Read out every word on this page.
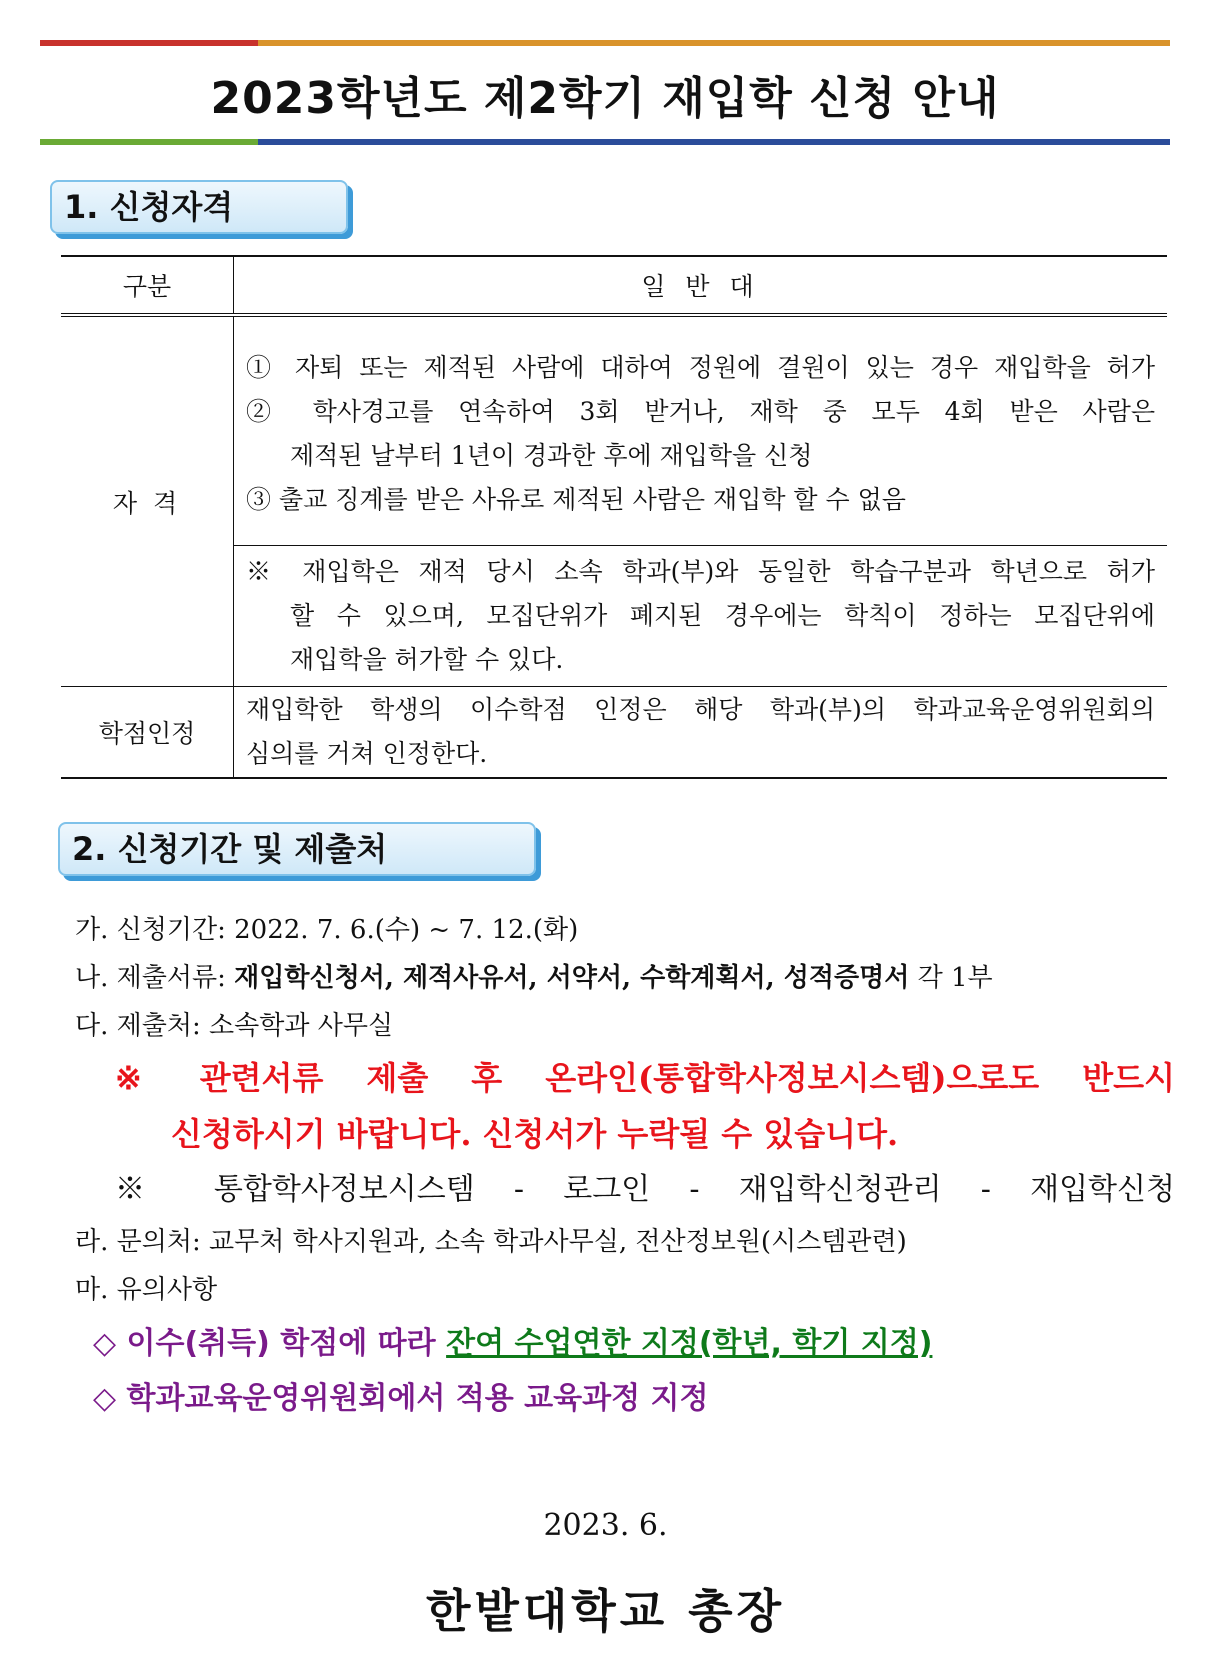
2023학년도 제2학기 재입학 신청 안내
1. 신청자격
구분	일 반 대
자 격	① 자퇴 또는 제적된 사람에 대하여 정원에 결원이 있는 경우 재입학을 허가
② 학사경고를 연속하여 3회 받거나, 재학 중 모두 4회 받은 사람은
제적된 날부터 1년이 경과한 후에 재입학을 신청
③ 출교 징계를 받은 사유로 제적된 사람은 재입학 할 수 없음

	※ 재입학은 재적 당시 소속 학과(부)와 동일한 학습구분과 학년으로 허가
할 수 있으며, 모집단위가 폐지된 경우에는 학칙이 정하는 모집단위에
재입학을 허가할 수 있다.

학점인정	재입학한 학생의 이수학점 인정은 해당 학과(부)의 학과교육운영위원회의
심의를 거쳐 인정한다.
2. 신청기간 및 제출처
가. 신청기간: 2022. 7. 6.(수) ~ 7. 12.(화)
나. 제출서류: 재입학신청서, 제적사유서, 서약서, 수학계획서, 성적증명서 각 1부
다. 제출처: 소속학과 사무실
※ 관련서류 제출 후 온라인(통합학사정보시스템)으로도 반드시
신청하시기 바랍니다. 신청서가 누락될 수 있습니다.
※ 통합학사정보시스템 - 로그인 - 재입학신청관리 - 재입학신청
라. 문의처: 교무처 학사지원과, 소속 학과사무실, 전산정보원(시스템관련)
마. 유의사항
◇ 이수(취득) 학점에 따라 잔여 수업연한 지정(학년, 학기 지정)
◇ 학과교육운영위원회에서 적용 교육과정 지정
2023. 6.
한밭대학교 총장
